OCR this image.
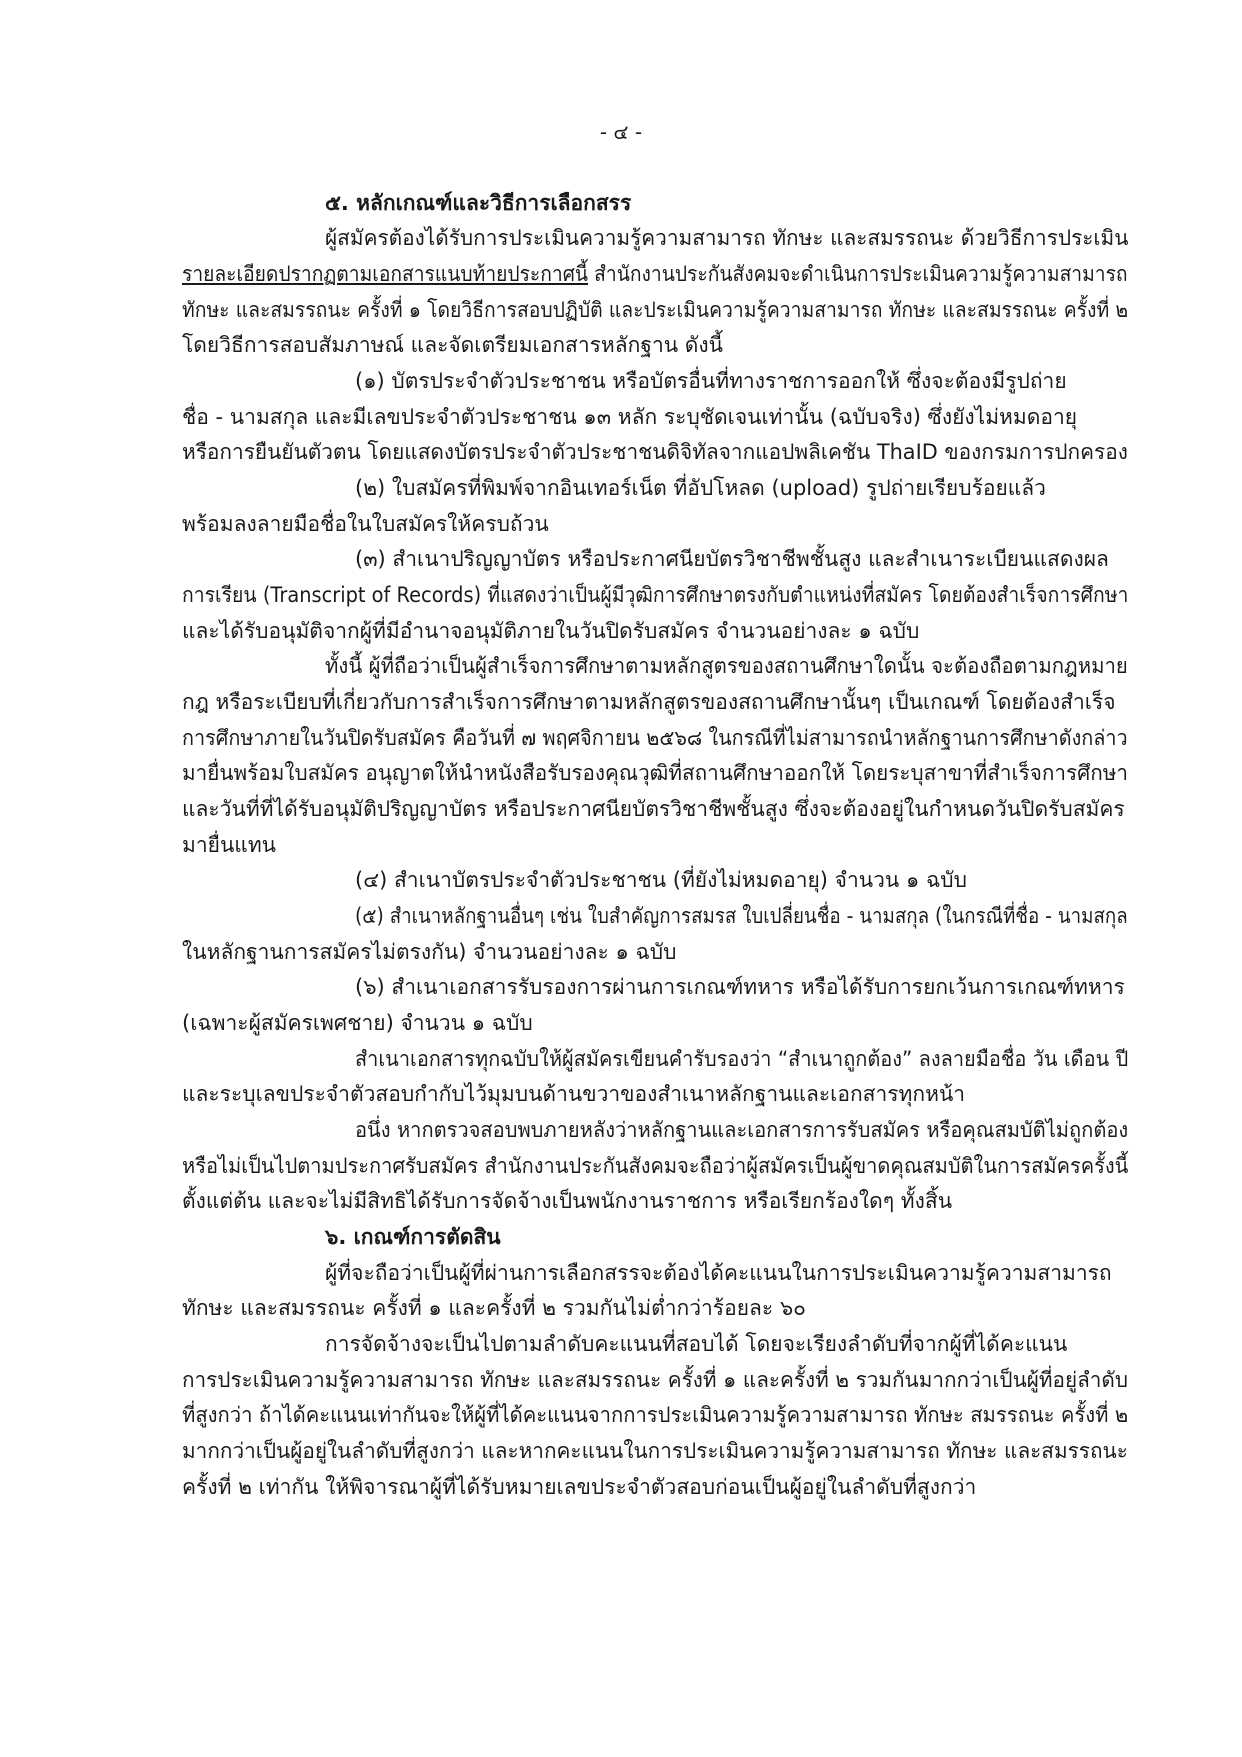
- ๔ -
๕. หลักเกณฑ์และวิธีการเลือกสรร
ผู้สมัครต้องได้รับการประเมินความรู้ความสามารถ ทักษะ และสมรรถนะ ด้วยวิธีการประเมิน
รายละเอียดปรากฏตามเอกสารแนบท้ายประกาศนี้ สำนักงานประกันสังคมจะดำเนินการประเมินความรู้ความสามารถ
ทักษะ และสมรรถนะ ครั้งที่ ๑ โดยวิธีการสอบปฏิบัติ และประเมินความรู้ความสามารถ ทักษะ และสมรรถนะ ครั้งที่ ๒
โดยวิธีการสอบสัมภาษณ์ และจัดเตรียมเอกสารหลักฐาน ดังนี้
(๑) บัตรประจำตัวประชาชน หรือบัตรอื่นที่ทางราชการออกให้ ซึ่งจะต้องมีรูปถ่าย
ชื่อ - นามสกุล และมีเลขประจำตัวประชาชน ๑๓ หลัก ระบุชัดเจนเท่านั้น (ฉบับจริง) ซึ่งยังไม่หมดอายุ
หรือการยืนยันตัวตน โดยแสดงบัตรประจำตัวประชาชนดิจิทัลจากแอปพลิเคชัน ThaID ของกรมการปกครอง
(๒) ใบสมัครที่พิมพ์จากอินเทอร์เน็ต ที่อัปโหลด (upload) รูปถ่ายเรียบร้อยแล้ว
พร้อมลงลายมือชื่อในใบสมัครให้ครบถ้วน
(๓) สำเนาปริญญาบัตร หรือประกาศนียบัตรวิชาชีพชั้นสูง และสำเนาระเบียนแสดงผล
การเรียน (Transcript of Records) ที่แสดงว่าเป็นผู้มีวุฒิการศึกษาตรงกับตำแหน่งที่สมัคร โดยต้องสำเร็จการศึกษา
และได้รับอนุมัติจากผู้ที่มีอำนาจอนุมัติภายในวันปิดรับสมัคร จำนวนอย่างละ ๑ ฉบับ
ทั้งนี้ ผู้ที่ถือว่าเป็นผู้สำเร็จการศึกษาตามหลักสูตรของสถานศึกษาใดนั้น จะต้องถือตามกฎหมาย
กฎ หรือระเบียบที่เกี่ยวกับการสำเร็จการศึกษาตามหลักสูตรของสถานศึกษานั้นๆ เป็นเกณฑ์ โดยต้องสำเร็จ
การศึกษาภายในวันปิดรับสมัคร คือวันที่ ๗ พฤศจิกายน ๒๕๖๘ ในกรณีที่ไม่สามารถนำหลักฐานการศึกษาดังกล่าว
มายื่นพร้อมใบสมัคร อนุญาตให้นำหนังสือรับรองคุณวุฒิที่สถานศึกษาออกให้ โดยระบุสาขาที่สำเร็จการศึกษา
และวันที่ที่ได้รับอนุมัติปริญญาบัตร หรือประกาศนียบัตรวิชาชีพชั้นสูง ซึ่งจะต้องอยู่ในกำหนดวันปิดรับสมัคร
มายื่นแทน
(๔) สำเนาบัตรประจำตัวประชาชน (ที่ยังไม่หมดอายุ) จำนวน ๑ ฉบับ
(๕) สำเนาหลักฐานอื่นๆ เช่น ใบสำคัญการสมรส ใบเปลี่ยนชื่อ - นามสกุล (ในกรณีที่ชื่อ - นามสกุล
ในหลักฐานการสมัครไม่ตรงกัน) จำนวนอย่างละ ๑ ฉบับ
(๖) สำเนาเอกสารรับรองการผ่านการเกณฑ์ทหาร หรือได้รับการยกเว้นการเกณฑ์ทหาร
(เฉพาะผู้สมัครเพศชาย) จำนวน ๑ ฉบับ
สำเนาเอกสารทุกฉบับให้ผู้สมัครเขียนคำรับรองว่า “สำเนาถูกต้อง” ลงลายมือชื่อ วัน เดือน ปี
และระบุเลขประจำตัวสอบกำกับไว้มุมบนด้านขวาของสำเนาหลักฐานและเอกสารทุกหน้า
อนึ่ง หากตรวจสอบพบภายหลังว่าหลักฐานและเอกสารการรับสมัคร หรือคุณสมบัติไม่ถูกต้อง
หรือไม่เป็นไปตามประกาศรับสมัคร สำนักงานประกันสังคมจะถือว่าผู้สมัครเป็นผู้ขาดคุณสมบัติในการสมัครครั้งนี้
ตั้งแต่ต้น และจะไม่มีสิทธิได้รับการจัดจ้างเป็นพนักงานราชการ หรือเรียกร้องใดๆ ทั้งสิ้น
๖. เกณฑ์การตัดสิน
ผู้ที่จะถือว่าเป็นผู้ที่ผ่านการเลือกสรรจะต้องได้คะแนนในการประเมินความรู้ความสามารถ
ทักษะ และสมรรถนะ ครั้งที่ ๑ และครั้งที่ ๒ รวมกันไม่ต่ำกว่าร้อยละ ๖๐
การจัดจ้างจะเป็นไปตามลำดับคะแนนที่สอบได้ โดยจะเรียงลำดับที่จากผู้ที่ได้คะแนน
การประเมินความรู้ความสามารถ ทักษะ และสมรรถนะ ครั้งที่ ๑ และครั้งที่ ๒ รวมกันมากกว่าเป็นผู้ที่อยู่ลำดับ
ที่สูงกว่า ถ้าได้คะแนนเท่ากันจะให้ผู้ที่ได้คะแนนจากการประเมินความรู้ความสามารถ ทักษะ สมรรถนะ ครั้งที่ ๒
มากกว่าเป็นผู้อยู่ในลำดับที่สูงกว่า และหากคะแนนในการประเมินความรู้ความสามารถ ทักษะ และสมรรถนะ
ครั้งที่ ๒ เท่ากัน ให้พิจารณาผู้ที่ได้รับหมายเลขประจำตัวสอบก่อนเป็นผู้อยู่ในลำดับที่สูงกว่า
